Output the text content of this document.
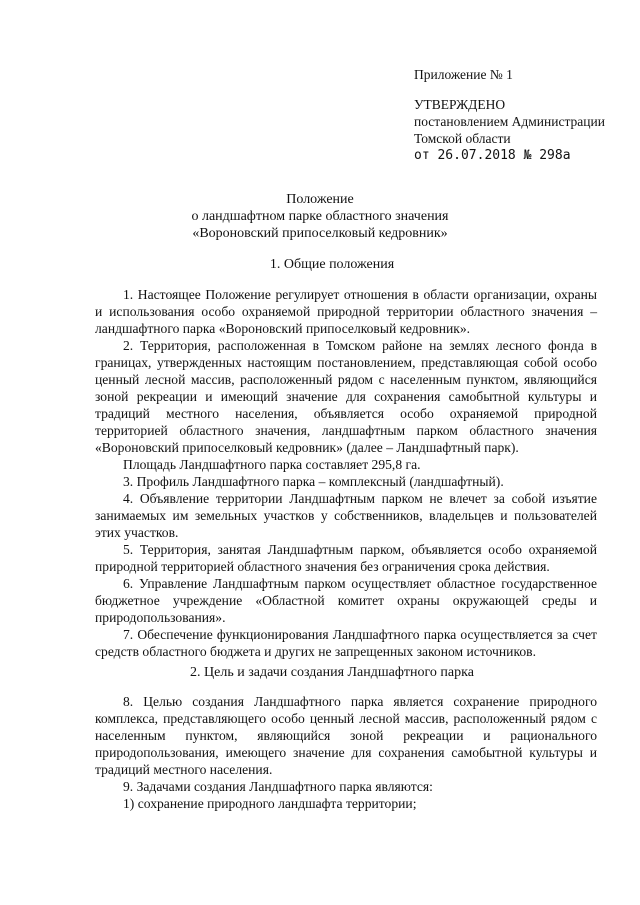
Приложение № 1
УТВЕРЖДЕНО
постановлением Администрации
Томской области
от 26.07.2018 № 298а
Положение
о ландшафтном парке областного значения
«Вороновский припоселковый кедровник»
1. Общие положения

1. Настоящее Положение регулирует отношения в области организации, охраны и использования особо охраняемой природной территории областного значения – ландшафтного парка «Вороновский припоселковый кедровник».

2. Территория, расположенная в Томском районе на землях лесного фонда в границах, утвержденных настоящим постановлением, представляющая собой особо ценный лесной массив, расположенный рядом с населенным пунктом, являющийся зоной рекреации и имеющий значение для сохранения самобытной культуры и традиций местного населения, объявляется особо охраняемой природной территорией областного значения, ландшафтным парком областного значения «Вороновский припоселковый кедровник» (далее – Ландшафтный парк).

Площадь Ландшафтного парка составляет 295,8 га.

3. Профиль Ландшафтного парка – комплексный (ландшафтный).

4. Объявление территории Ландшафтным парком не влечет за собой изъятие занимаемых им земельных участков у собственников, владельцев и пользователей этих участков.

5. Территория, занятая Ландшафтным парком, объявляется особо охраняемой природной территорией областного значения без ограничения срока действия.

6. Управление Ландшафтным парком осуществляет областное государственное бюджетное учреждение «Областной комитет охраны окружающей среды и природопользования».

7. Обеспечение функционирования Ландшафтного парка осуществляется за счет средств областного бюджета и других не запрещенных законом источников.

2. Цель и задачи создания Ландшафтного парка

8. Целью создания Ландшафтного парка является сохранение природного комплекса, представляющего особо ценный лесной массив, расположенный рядом с населенным пунктом, являющийся зоной рекреации и рационального природопользования, имеющего значение для сохранения самобытной культуры и традиций местного населения.

9. Задачами создания Ландшафтного парка являются:

1) сохранение природного ландшафта территории;
